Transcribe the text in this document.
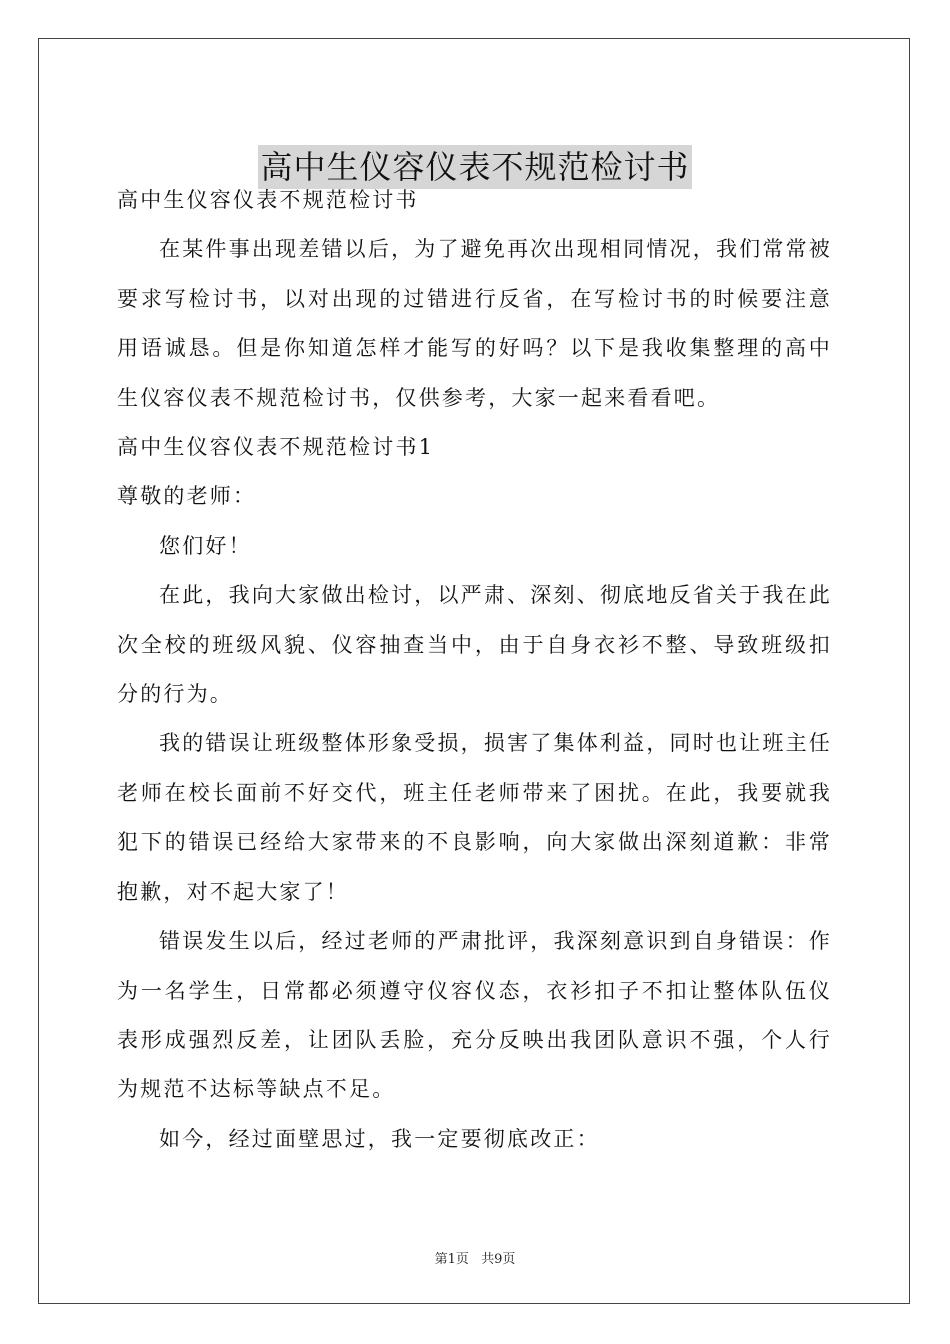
高中生仪容仪表不规范检讨书

高中生仪容仪表不规范检讨书

在某件事出现差错以后，为了避免再次出现相同情况，我们常常被要求写检讨书，以对出现的过错进行反省，在写检讨书的时候要注意用语诚恳。但是你知道怎样才能写的好吗？以下是我收集整理的高中生仪容仪表不规范检讨书，仅供参考，大家一起来看看吧。

高中生仪容仪表不规范检讨书1

尊敬的老师：

您们好！

在此，我向大家做出检讨，以严肃、深刻、彻底地反省关于我在此次全校的班级风貌、仪容抽查当中，由于自身衣衫不整、导致班级扣分的行为。

我的错误让班级整体形象受损，损害了集体利益，同时也让班主任老师在校长面前不好交代，班主任老师带来了困扰。在此，我要就我犯下的错误已经给大家带来的不良影响，向大家做出深刻道歉：非常抱歉，对不起大家了！

错误发生以后，经过老师的严肃批评，我深刻意识到自身错误：作为一名学生，日常都必须遵守仪容仪态，衣衫扣子不扣让整体队伍仪表形成强烈反差，让团队丢脸，充分反映出我团队意识不强，个人行为规范不达标等缺点不足。

如今，经过面壁思过，我一定要彻底改正：

第1页 共9页
